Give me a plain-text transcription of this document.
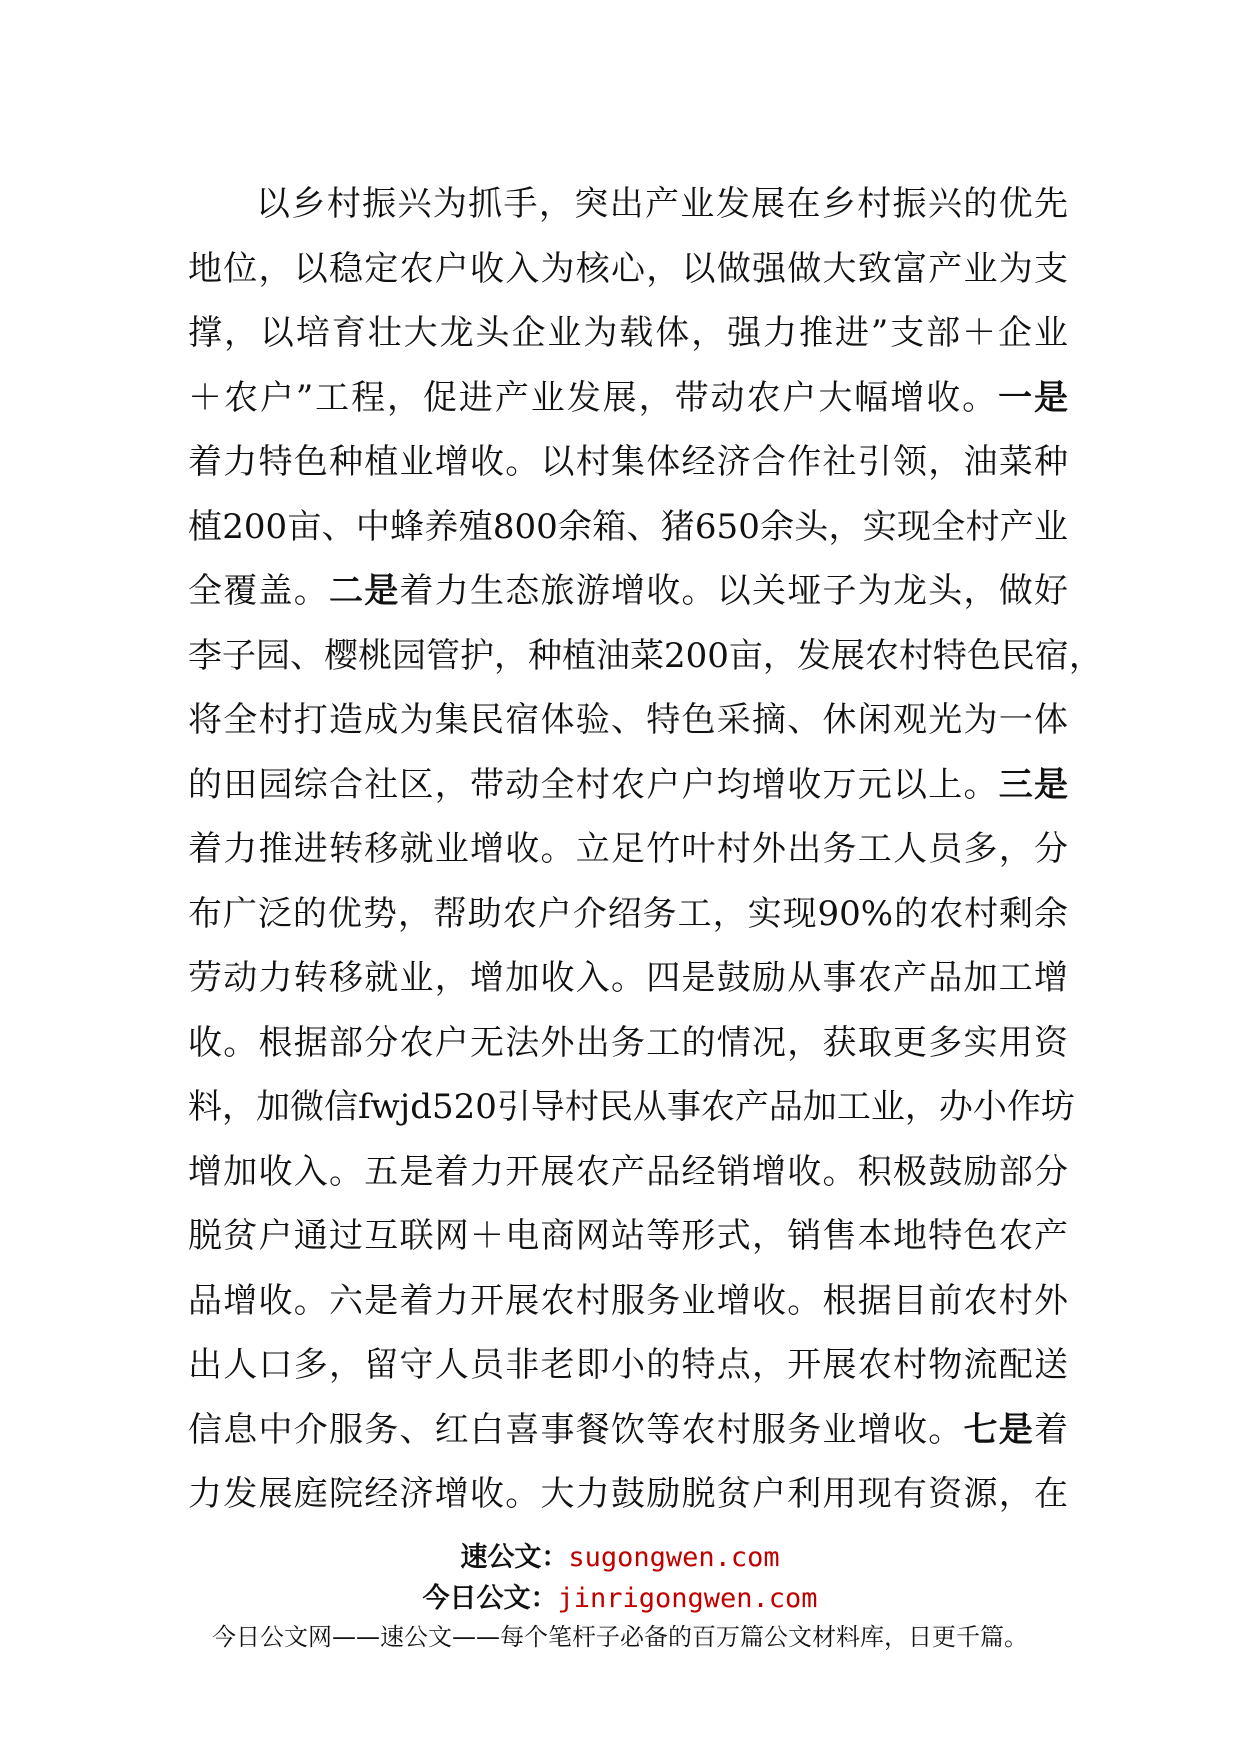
以乡村振兴为抓手，突出产业发展在乡村振兴的优先
地位，以稳定农户收入为核心，以做强做大致富产业为支
撑，以培育壮大龙头企业为载体，强力推进”支部＋企业
＋农户”工程，促进产业发展，带动农户大幅增收。一是
着力特色种植业增收。以村集体经济合作社引领，油菜种
植200亩、中蜂养殖800余箱、猪650余头，实现全村产业
全覆盖。二是着力生态旅游增收。以关垭子为龙头，做好
李子园、樱桃园管护，种植油菜200亩，发展农村特色民宿，
将全村打造成为集民宿体验、特色采摘、休闲观光为一体
的田园综合社区，带动全村农户户均增收万元以上。三是
着力推进转移就业增收。立足竹叶村外出务工人员多，分
布广泛的优势，帮助农户介绍务工，实现90%的农村剩余
劳动力转移就业，增加收入。四是鼓励从事农产品加工增
收。根据部分农户无法外出务工的情况，获取更多实用资
料，加微信fwjd520引导村民从事农产品加工业，办小作坊
增加收入。五是着力开展农产品经销增收。积极鼓励部分
脱贫户通过互联网＋电商网站等形式，销售本地特色农产
品增收。六是着力开展农村服务业增收。根据目前农村外
出人口多，留守人员非老即小的特点，开展农村物流配送
信息中介服务、红白喜事餐饮等农村服务业增收。七是着
力发展庭院经济增收。大力鼓励脱贫户利用现有资源，在
速公文：sugongwen.com
今日公文：jinrigongwen.com
今日公文网——速公文——每个笔杆子必备的百万篇公文材料库，日更千篇。
